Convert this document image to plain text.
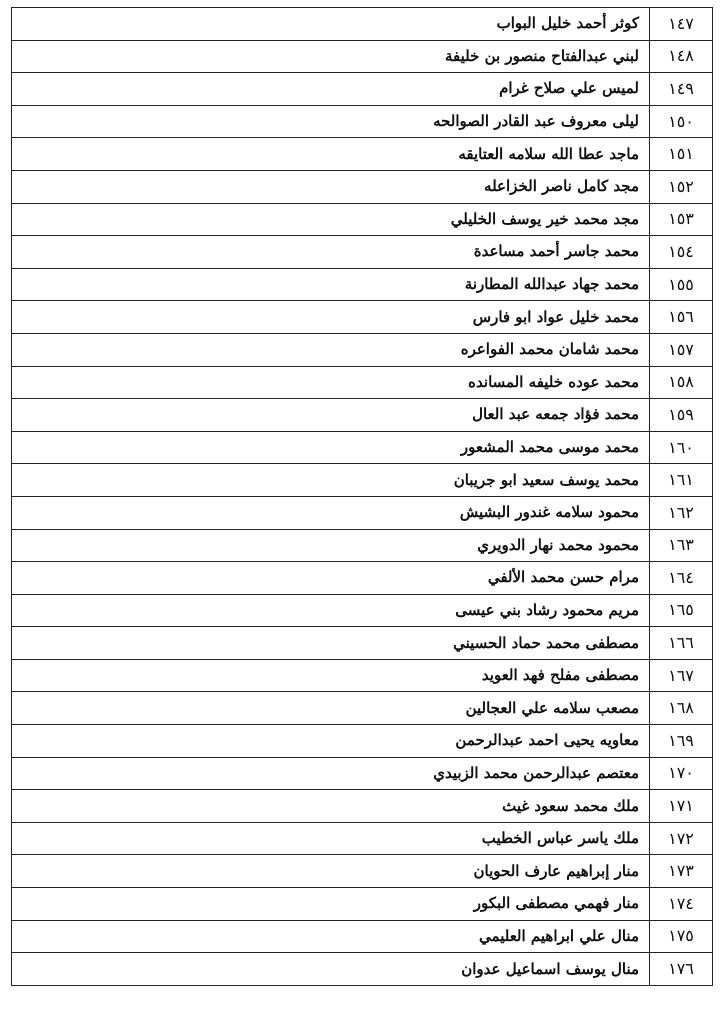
١٤٧	كوثر أحمد خليل البواب
١٤٨	لبني عبدالفتاح منصور بن خليفة
١٤٩	لميس علي صلاح غرام
١٥٠	ليلى معروف عبد القادر الصوالحه
١٥١	ماجد عطا الله سلامه العتايقه
١٥٢	مجد كامل ناصر الخزاعله
١٥٣	مجد محمد خير يوسف الخليلي
١٥٤	محمد جاسر أحمد مساعدة
١٥٥	محمد جهاد عبدالله المطارنة
١٥٦	محمد خليل عواد ابو فارس
١٥٧	محمد شامان محمد الفواعره
١٥٨	محمد عوده خليفه المسانده
١٥٩	محمد فؤاد جمعه عبد العال
١٦٠	محمد موسى محمد المشعور
١٦١	محمد يوسف سعيد ابو جريبان
١٦٢	محمود سلامه غندور البشيش
١٦٣	محمود محمد نهار الدويري
١٦٤	مرام حسن محمد الألفي
١٦٥	مريم محمود رشاد بني عيسى
١٦٦	مصطفى محمد حماد الحسيني
١٦٧	مصطفى مفلح فهد العويد
١٦٨	مصعب سلامه علي العجالين
١٦٩	معاويه يحيى احمد عبدالرحمن
١٧٠	معتصم عبدالرحمن محمد الزبيدي
١٧١	ملك محمد سعود غيث
١٧٢	ملك ياسر عباس الخطيب
١٧٣	منار إبراهيم عارف الحويان
١٧٤	منار فهمي مصطفى البكور
١٧٥	منال علي ابراهيم العليمي
١٧٦	منال يوسف اسماعيل عدوان
